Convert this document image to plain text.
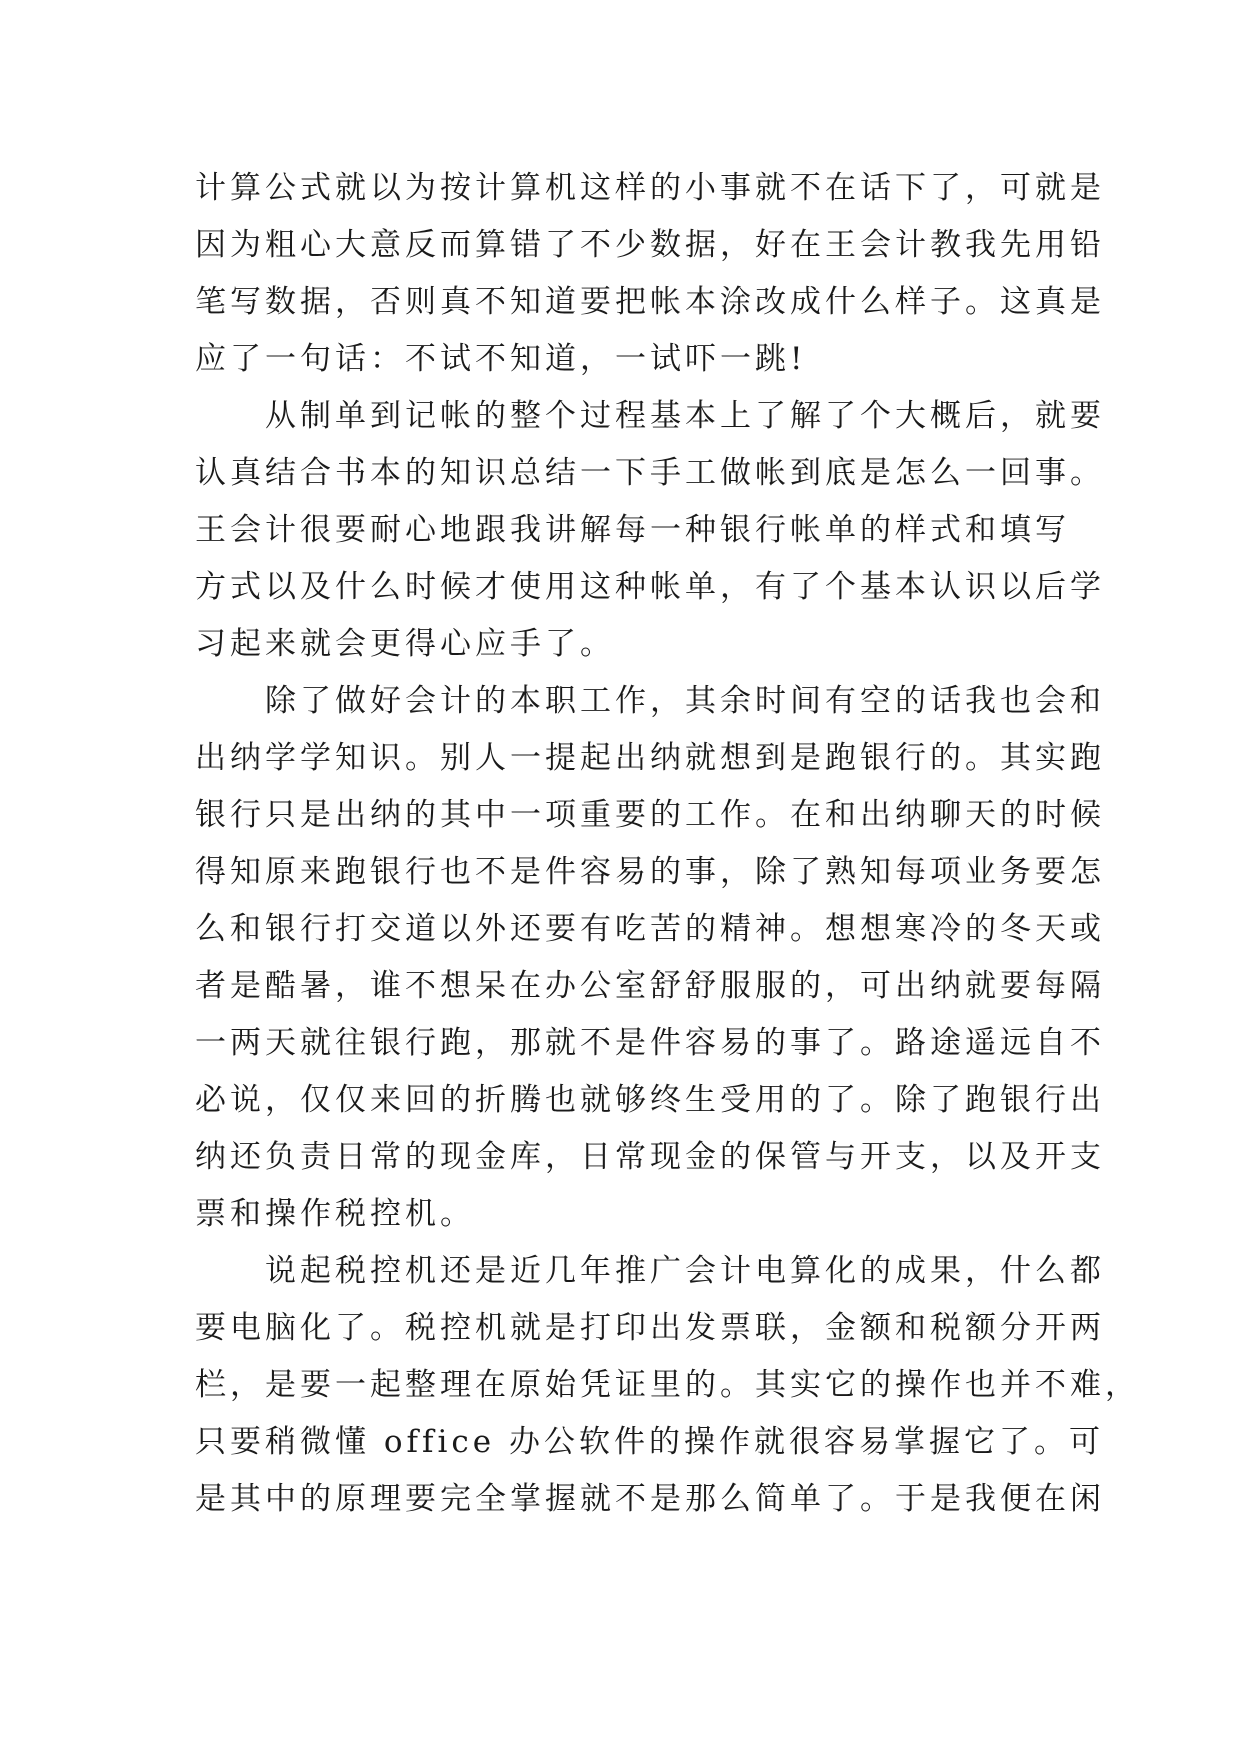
计算公式就以为按计算机这样的小事就不在话下了，可就是
因为粗心大意反而算错了不少数据，好在王会计教我先用铅
笔写数据，否则真不知道要把帐本涂改成什么样子。这真是
应了一句话：不试不知道，一试吓一跳!
从制单到记帐的整个过程基本上了解了个大概后，就要
认真结合书本的知识总结一下手工做帐到底是怎么一回事。
王会计很要耐心地跟我讲解每一种银行帐单的样式和填写
方式以及什么时候才使用这种帐单，有了个基本认识以后学
习起来就会更得心应手了。
除了做好会计的本职工作，其余时间有空的话我也会和
出纳学学知识。别人一提起出纳就想到是跑银行的。其实跑
银行只是出纳的其中一项重要的工作。在和出纳聊天的时候
得知原来跑银行也不是件容易的事，除了熟知每项业务要怎
么和银行打交道以外还要有吃苦的精神。想想寒冷的冬天或
者是酷暑，谁不想呆在办公室舒舒服服的，可出纳就要每隔
一两天就往银行跑，那就不是件容易的事了。路途遥远自不
必说，仅仅来回的折腾也就够终生受用的了。除了跑银行出
纳还负责日常的现金库，日常现金的保管与开支，以及开支
票和操作税控机。
说起税控机还是近几年推广会计电算化的成果，什么都
要电脑化了。税控机就是打印出发票联，金额和税额分开两
栏，是要一起整理在原始凭证里的。其实它的操作也并不难，
只要稍微懂 office 办公软件的操作就很容易掌握它了。可
是其中的原理要完全掌握就不是那么简单了。于是我便在闲
